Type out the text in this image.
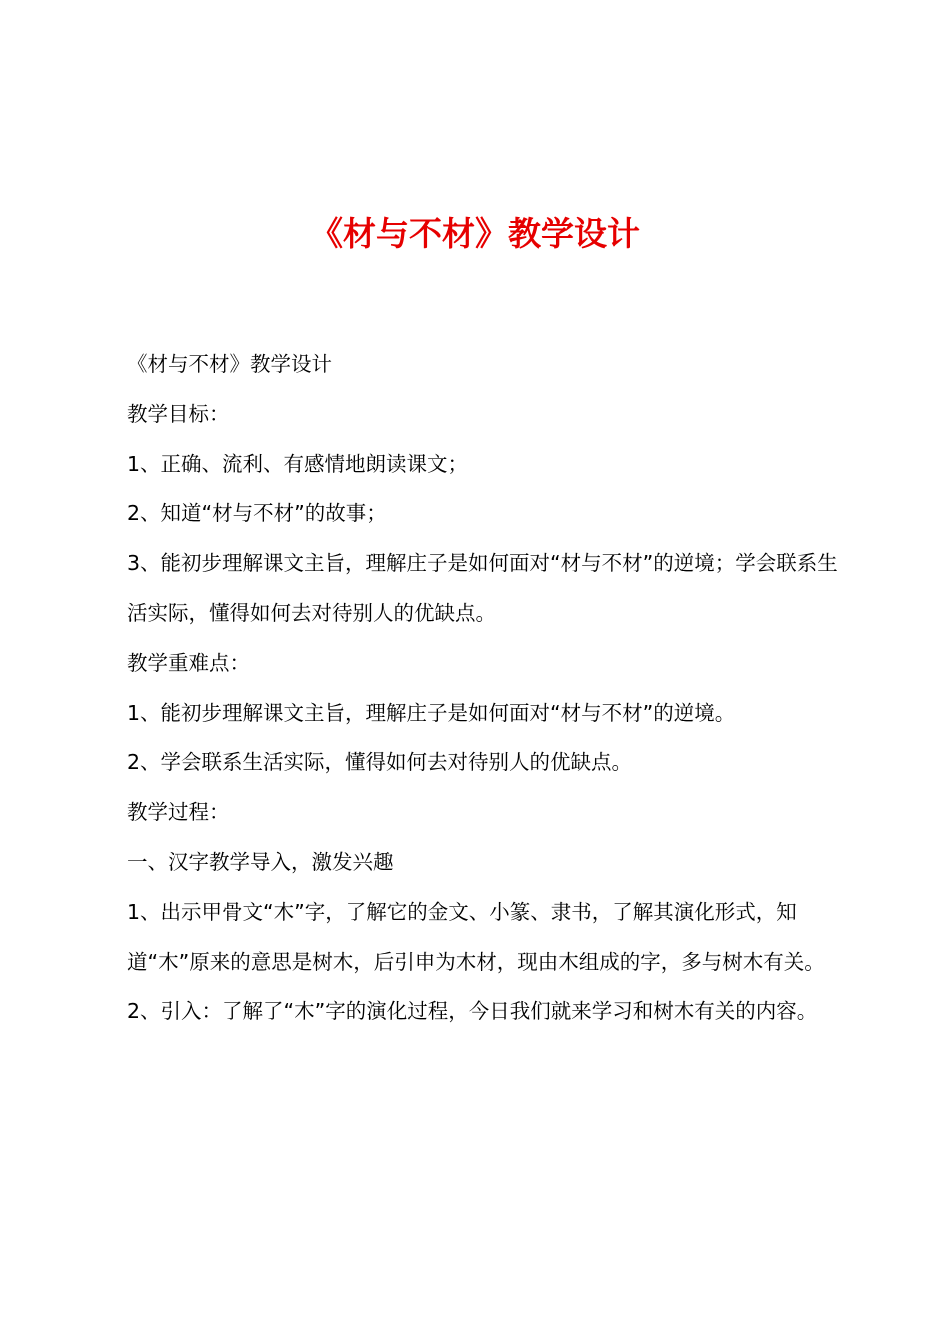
《材与不材》教学设计

《材与不材》教学设计

教学目标：

1、正确、流利、有感情地朗读课文；

2、知道“材与不材”的故事；

3、能初步理解课文主旨，理解庄子是如何面对“材与不材”的逆境；学会联系生活实际，懂得如何去对待别人的优缺点。

教学重难点：

1、能初步理解课文主旨，理解庄子是如何面对“材与不材”的逆境。

2、学会联系生活实际，懂得如何去对待别人的优缺点。

教学过程：

一、汉字教学导入，激发兴趣

1、出示甲骨文“木”字，了解它的金文、小篆、隶书，了解其演化形式，知道“木”原来的意思是树木，后引申为木材，现由木组成的字，多与树木有关。

2、引入：了解了“木”字的演化过程，今日我们就来学习和树木有关的内容。
